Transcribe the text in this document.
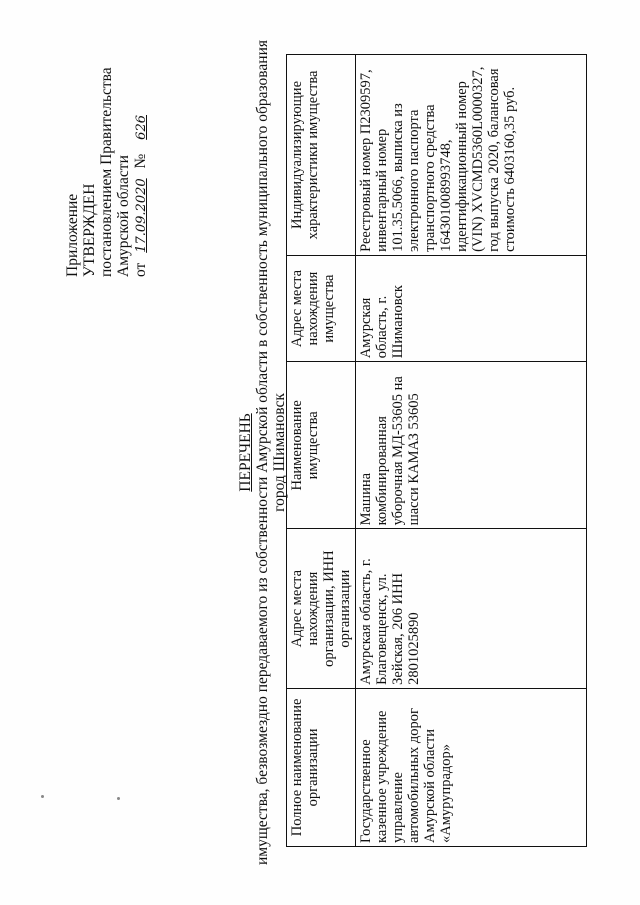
Приложение УТВЕРЖДЕН постановлением Правительства Амурской области от 17.09.2020 № 626
ПЕРЕЧЕНЬ имущества, безвозмездно передаваемого из собственности Амурской области в собственность муниципального образования город Шимановск
Полное наименование организации	Адрес места нахождения организации, ИНН организации	Наименование имущества	Адрес места нахождения имущества	Индивидуализирующие характеристики имущества
Государственное казенное учреждение управление автомобильных дорог Амурской области «Амурупрадор»	Амурская область, г. Благовещенск, ул. Зейская, 206 ИНН 2801025890	Машина комбинированная уборочная МД-53605 на шасси КАМАЗ 53605	Амурская область, г. Шимановск	Реестровый номер П2309597, инвентарный номер 101.35.5066, выписка из электронного паспорта транспортного средства 164301008993748, идентификационный номер (VIN) XVCMD5360L0000327, год выпуска 2020, балансовая стоимость 6403160,35 руб.
